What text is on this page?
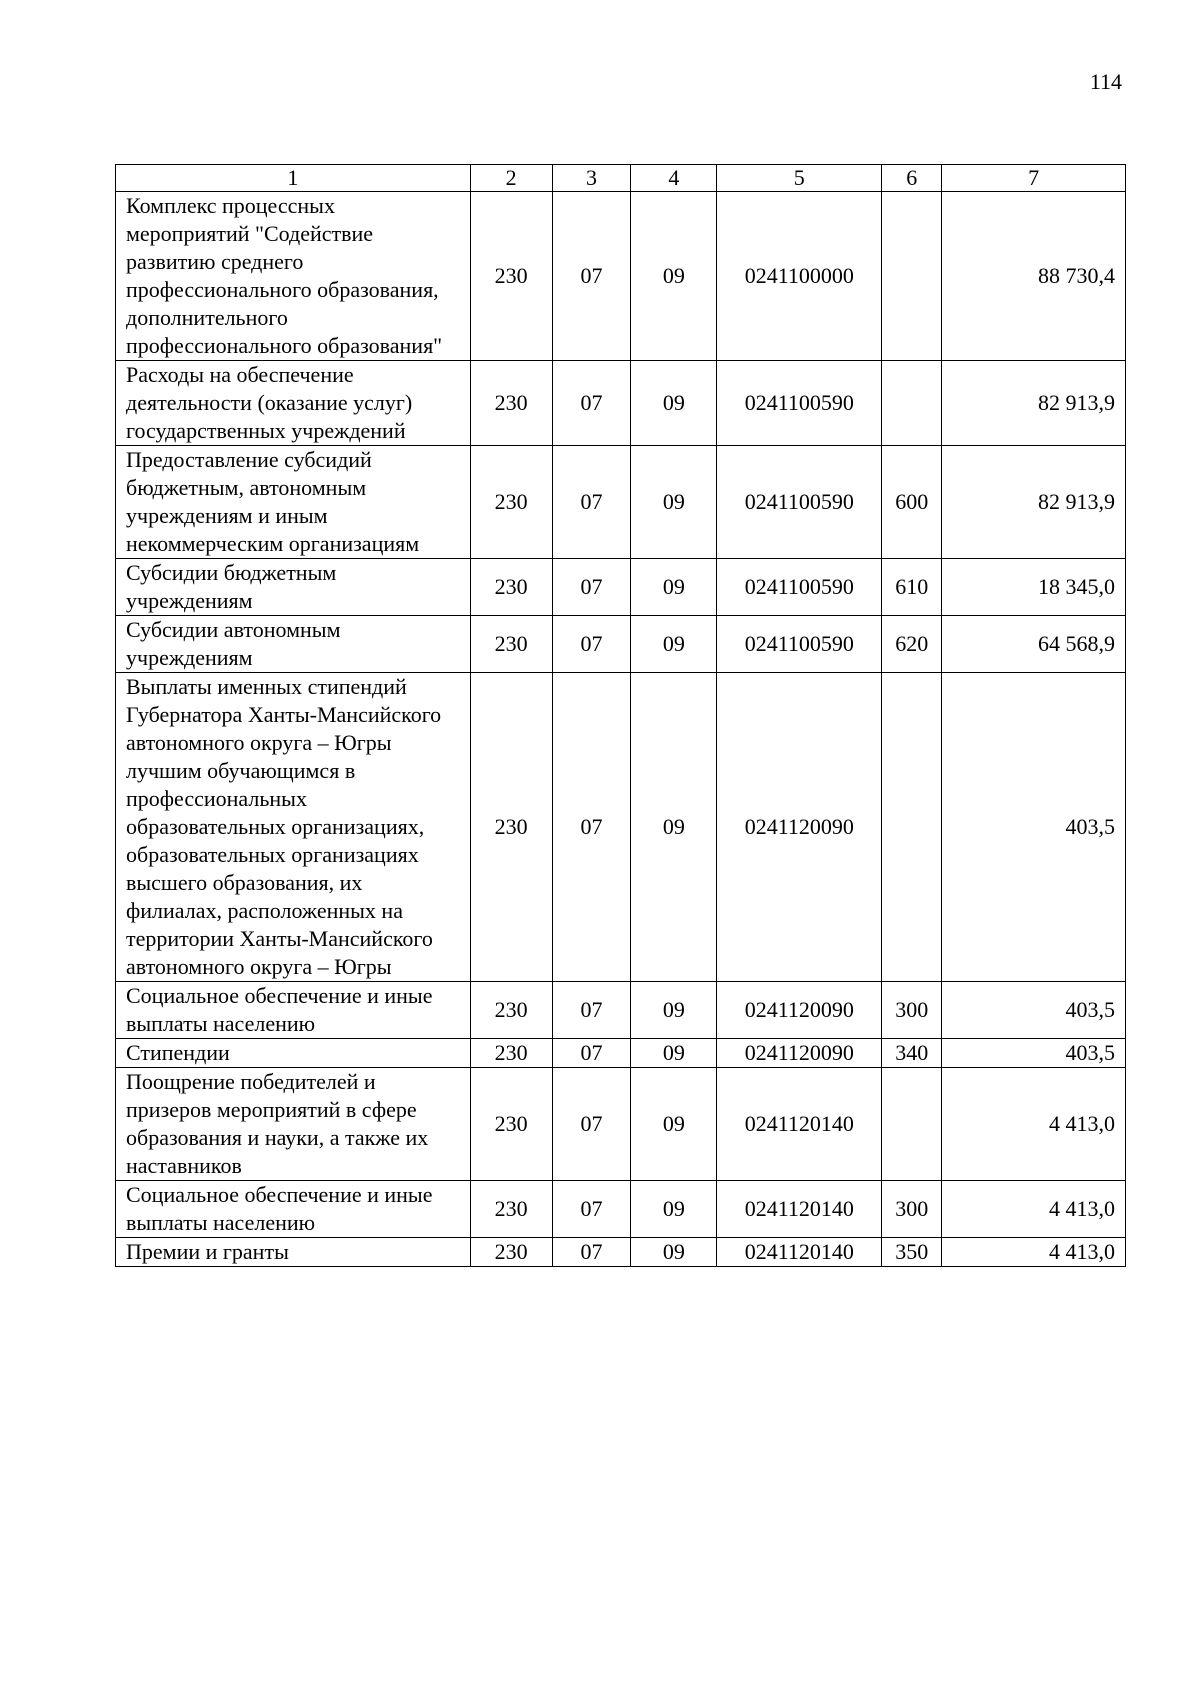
114
1	2	3	4	5	6	7
Комплекс процессных мероприятий "Содействие развитию среднего профессионального образования, дополнительного профессионального образования"	230	07	09	0241100000		88 730,4
Расходы на обеспечение деятельности (оказание услуг) государственных учреждений	230	07	09	0241100590		82 913,9
Предоставление субсидий бюджетным, автономным учреждениям и иным некоммерческим организациям	230	07	09	0241100590	600	82 913,9
Субсидии бюджетным учреждениям	230	07	09	0241100590	610	18 345,0
Субсидии автономным учреждениям	230	07	09	0241100590	620	64 568,9
Выплаты именных стипендий Губернатора Ханты-Мансийского автономного округа – Югры лучшим обучающимся в профессиональных образовательных организациях, образовательных организациях высшего образования, их филиалах, расположенных на территории Ханты-Мансийского автономного округа – Югры	230	07	09	0241120090		403,5
Социальное обеспечение и иные выплаты населению	230	07	09	0241120090	300	403,5
Стипендии	230	07	09	0241120090	340	403,5
Поощрение победителей и призеров мероприятий в сфере образования и науки, а также их наставников	230	07	09	0241120140		4 413,0
Социальное обеспечение и иные выплаты населению	230	07	09	0241120140	300	4 413,0
Премии и гранты	230	07	09	0241120140	350	4 413,0
